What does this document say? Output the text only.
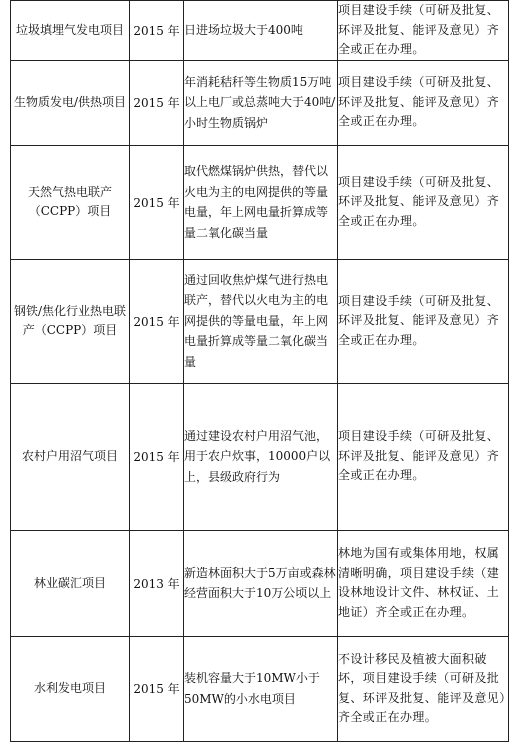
垃圾填埋气发电项目	2015 年	日进场垃圾大于400吨	项目建设手续（可研及批复、环评及批复、能评及意见）齐全或正在办理。
生物质发电/供热项目	2015 年	年消耗秸秆等生物质15万吨以上电厂或总蒸吨大于40吨/小时生物质锅炉	项目建设手续（可研及批复、环评及批复、能评及意见）齐全或正在办理。
天然气热电联产（CCPP）项目	2015 年	取代燃煤锅炉供热，替代以火电为主的电网提供的等量电量，年上网电量折算成等量二氧化碳当量	项目建设手续（可研及批复、环评及批复、能评及意见）齐全或正在办理。
钢铁/焦化行业热电联产（CCPP）项目	2015 年	通过回收焦炉煤气进行热电联产，替代以火电为主的电网提供的等量电量，年上网电量折算成等量二氧化碳当量	项目建设手续（可研及批复、环评及批复、能评及意见）齐全或正在办理。
农村户用沼气项目	2015 年	通过建设农村户用沼气池，用于农户炊事，10000户以上，县级政府行为	项目建设手续（可研及批复、环评及批复、能评及意见）齐全或正在办理。
林业碳汇项目	2013 年	新造林面积大于5万亩或森林经营面积大于10万公顷以上	林地为国有或集体用地，权属清晰明确，项目建设手续（建设林地设计文件、林权证、土地证）齐全或正在办理。
水利发电项目	2015 年	装机容量大于10MW小于50MW的小水电项目	不设计移民及植被大面积破坏，项目建设手续（可研及批复、环评及批复、能评及意见）齐全或正在办理。
